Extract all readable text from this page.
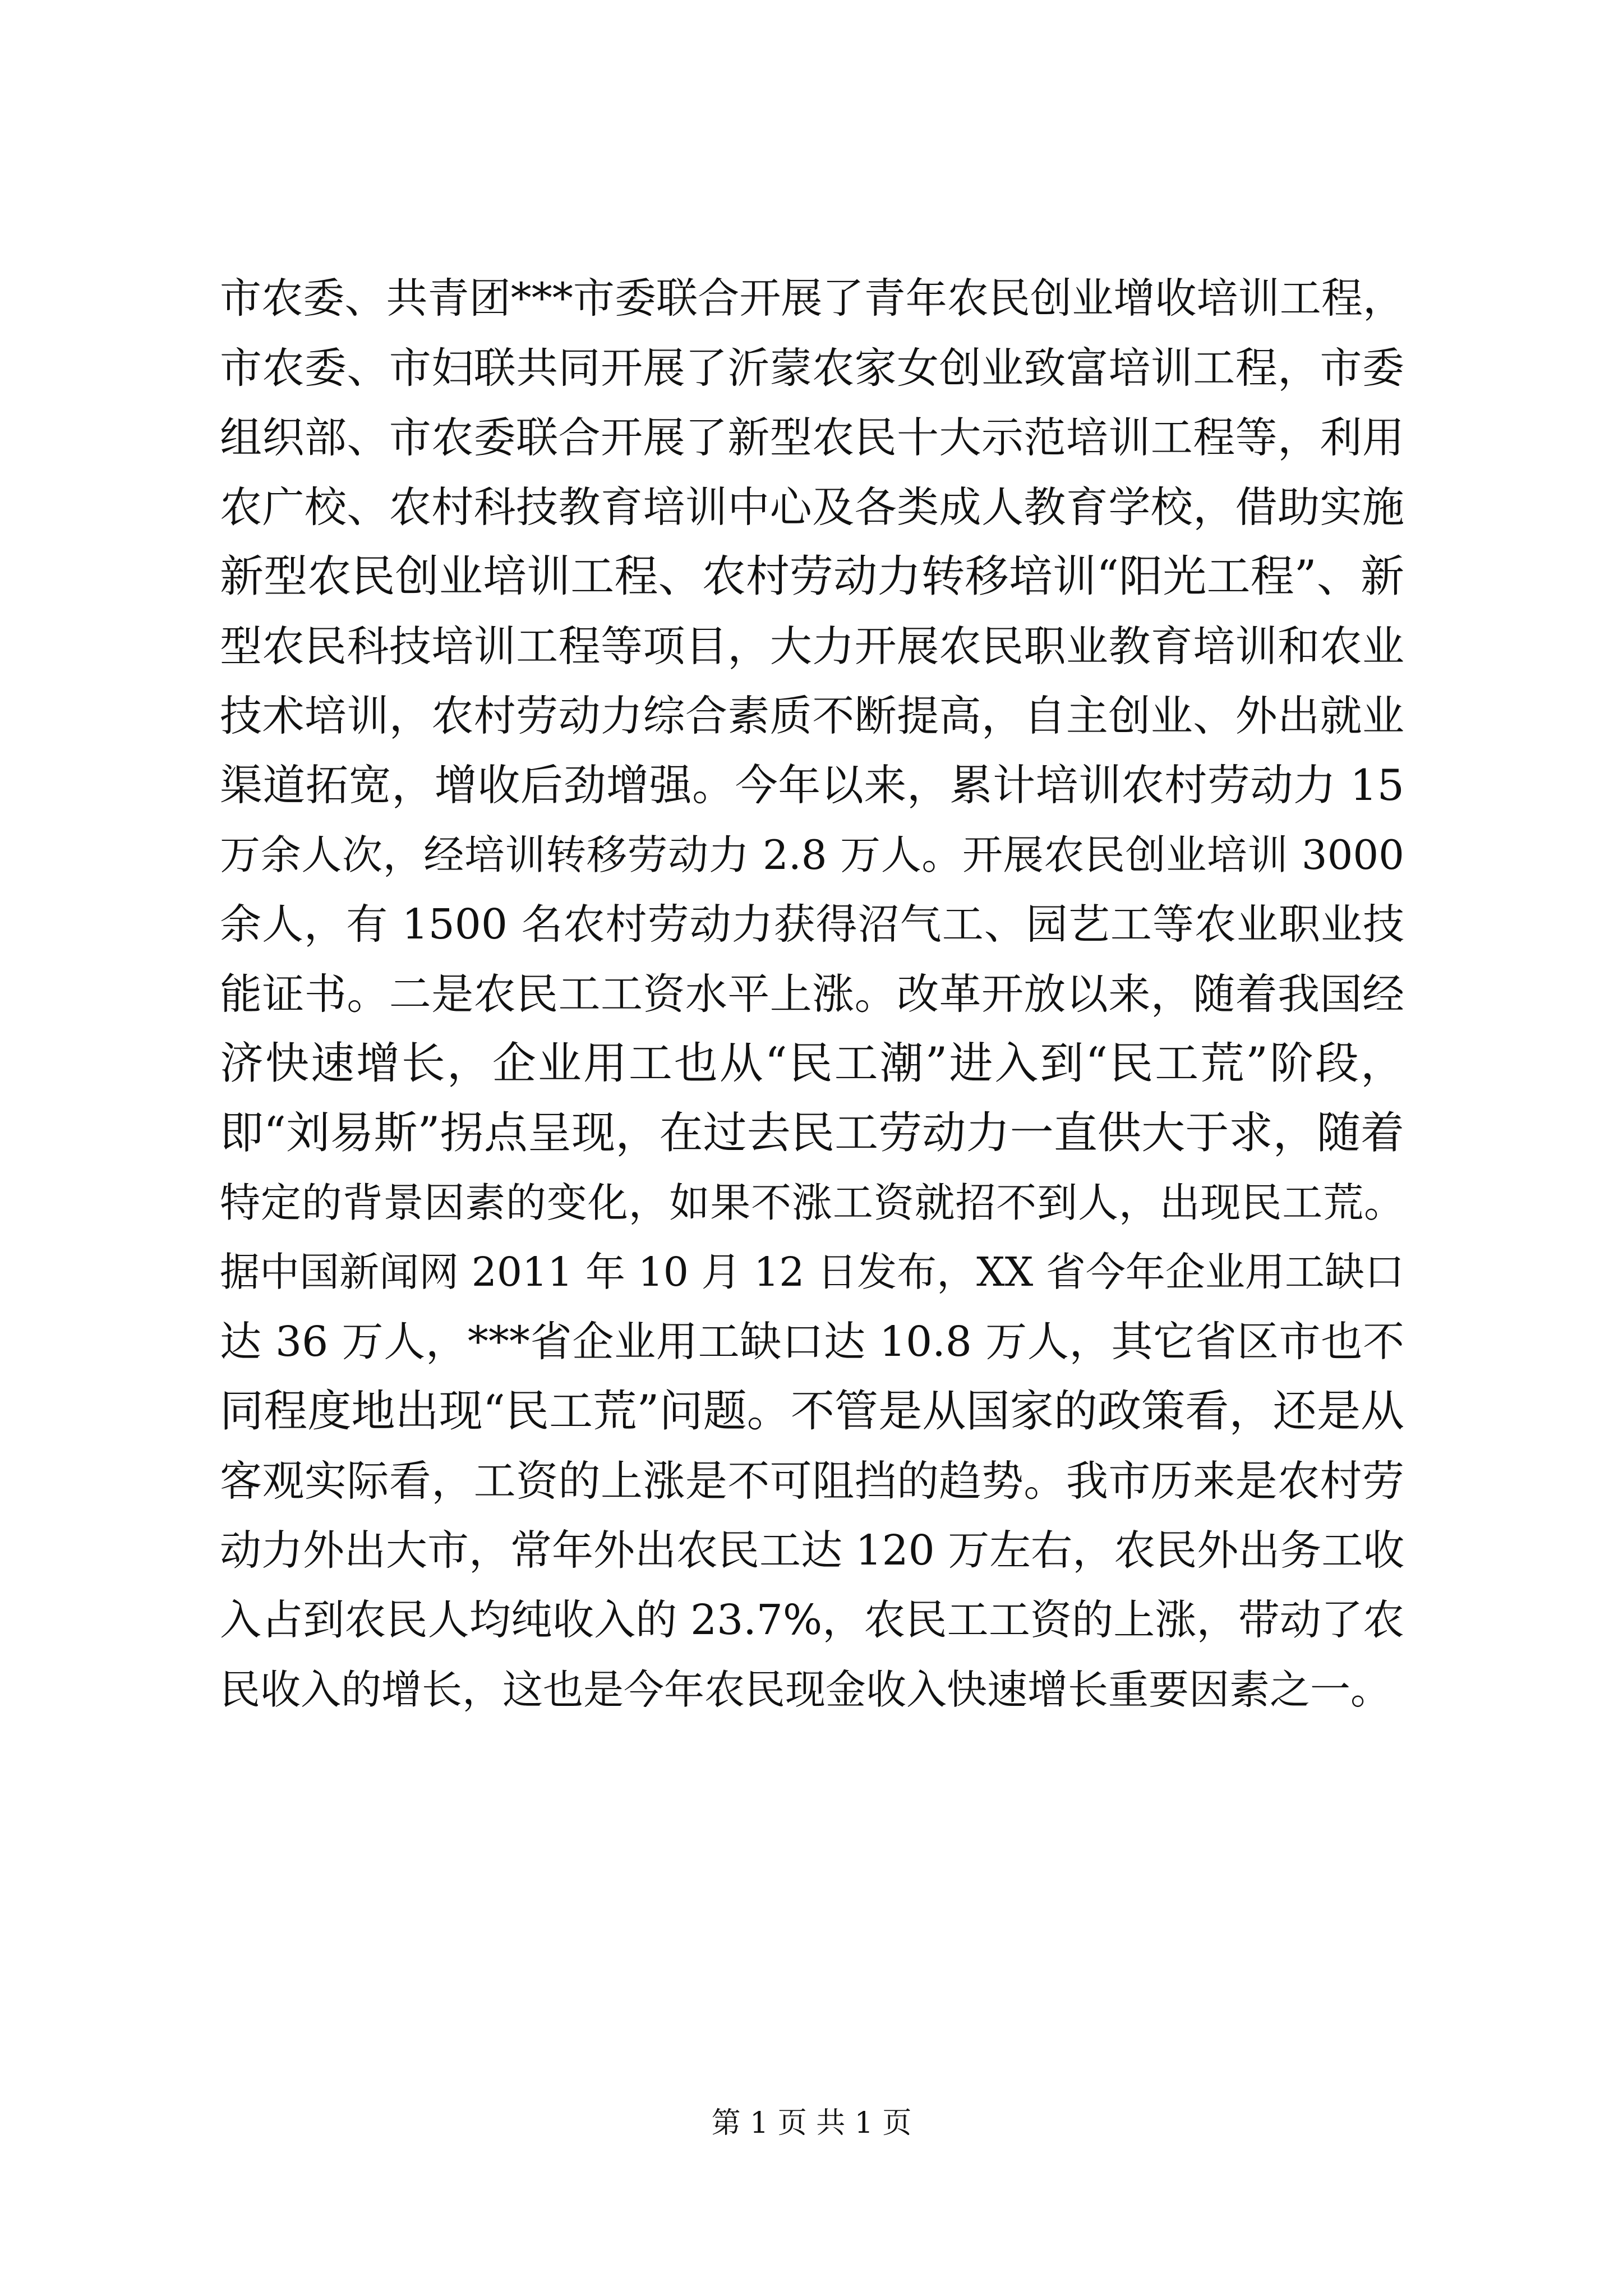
市农委、共青团***市委联合开展了青年农民创业增收培训工程，
市农委、市妇联共同开展了沂蒙农家女创业致富培训工程，市委
组织部、市农委联合开展了新型农民十大示范培训工程等，利用
农广校、农村科技教育培训中心及各类成人教育学校，借助实施
新型农民创业培训工程、农村劳动力转移培训“阳光工程”、新
型农民科技培训工程等项目，大力开展农民职业教育培训和农业
技术培训，农村劳动力综合素质不断提高，自主创业、外出就业
渠道拓宽，增收后劲增强。今年以来，累计培训农村劳动力 15
万余人次，经培训转移劳动力 2.8 万人。开展农民创业培训 3000
余人，有 1500 名农村劳动力获得沼气工、园艺工等农业职业技
能证书。二是农民工工资水平上涨。改革开放以来，随着我国经
济快速增长，企业用工也从“民工潮”进入到“民工荒”阶段，
即“刘易斯”拐点呈现，在过去民工劳动力一直供大于求，随着
特定的背景因素的变化，如果不涨工资就招不到人，出现民工荒。
据中国新闻网 2011 年 10 月 12 日发布，XX 省今年企业用工缺口
达 36 万人，***省企业用工缺口达 10.8 万人，其它省区市也不
同程度地出现“民工荒”问题。不管是从国家的政策看，还是从
客观实际看，工资的上涨是不可阻挡的趋势。我市历来是农村劳
动力外出大市，常年外出农民工达 120 万左右，农民外出务工收
入占到农民人均纯收入的 23.7%，农民工工资的上涨，带动了农
民收入的增长，这也是今年农民现金收入快速增长重要因素之一。
第 1 页 共 1 页
